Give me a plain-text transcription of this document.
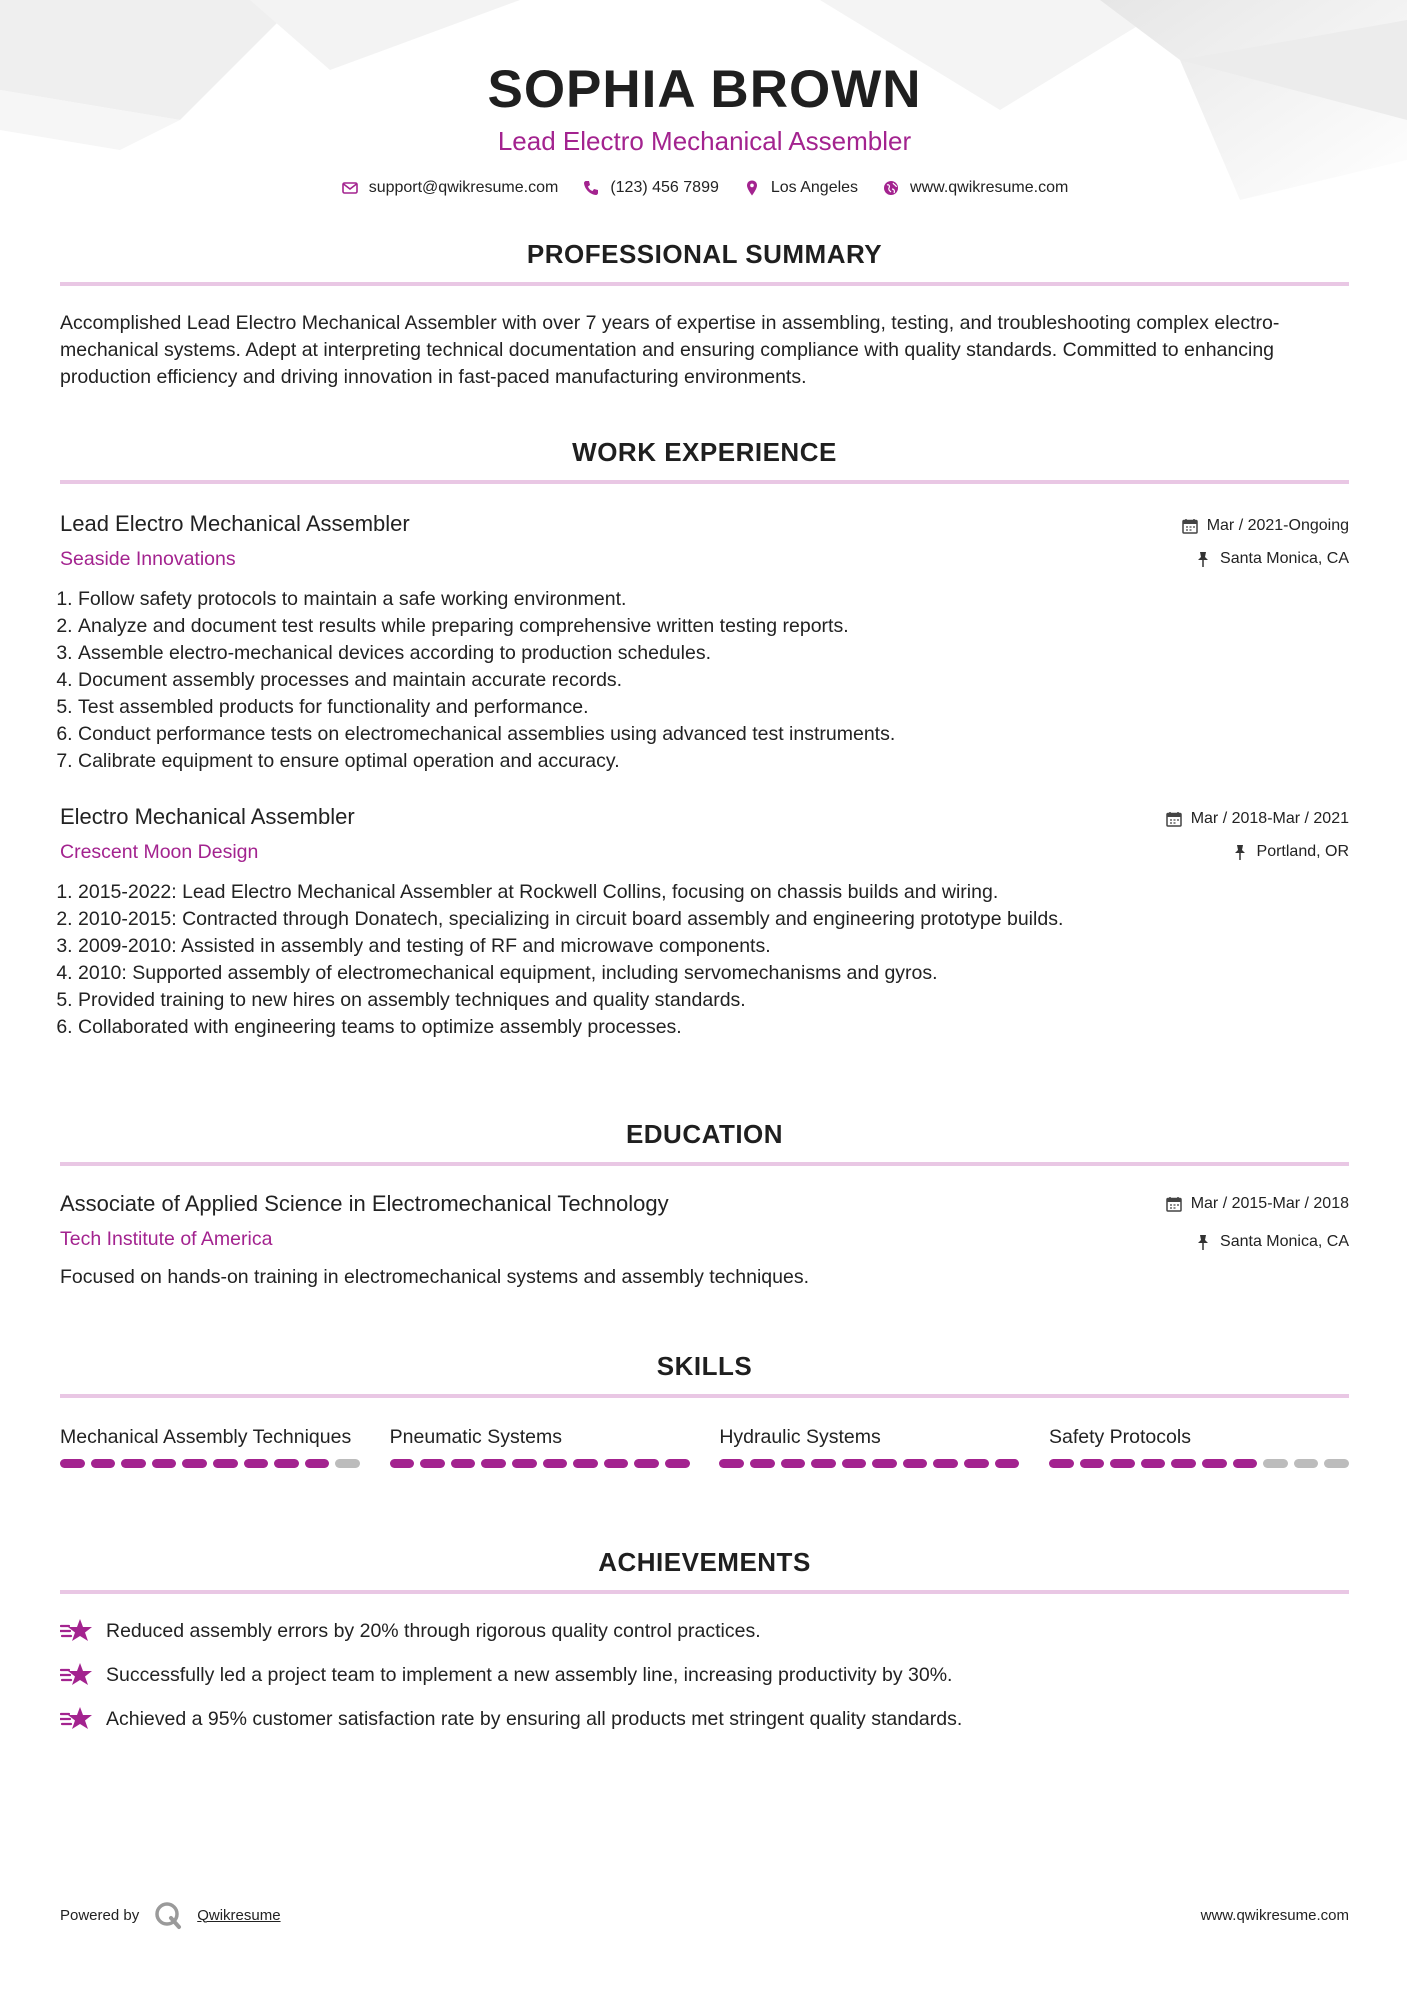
SOPHIA BROWN
Lead Electro Mechanical Assembler
support@qwikresume.com	(123) 456 7899	Los Angeles	www.qwikresume.com
PROFESSIONAL SUMMARY
Accomplished Lead Electro Mechanical Assembler with over 7 years of expertise in assembling, testing, and troubleshooting complex electro-mechanical systems. Adept at interpreting technical documentation and ensuring compliance with quality standards. Committed to enhancing production efficiency and driving innovation in fast-paced manufacturing environments.
WORK EXPERIENCE
Lead Electro Mechanical Assembler
Seaside Innovations
Mar / 2021-Ongoing
Santa Monica, CA
1. Follow safety protocols to maintain a safe working environment.
2. Analyze and document test results while preparing comprehensive written testing reports.
3. Assemble electro-mechanical devices according to production schedules.
4. Document assembly processes and maintain accurate records.
5. Test assembled products for functionality and performance.
6. Conduct performance tests on electromechanical assemblies using advanced test instruments.
7. Calibrate equipment to ensure optimal operation and accuracy.
Electro Mechanical Assembler
Crescent Moon Design
Mar / 2018-Mar / 2021
Portland, OR
1. 2015-2022: Lead Electro Mechanical Assembler at Rockwell Collins, focusing on chassis builds and wiring.
2. 2010-2015: Contracted through Donatech, specializing in circuit board assembly and engineering prototype builds.
3. 2009-2010: Assisted in assembly and testing of RF and microwave components.
4. 2010: Supported assembly of electromechanical equipment, including servomechanisms and gyros.
5. Provided training to new hires on assembly techniques and quality standards.
6. Collaborated with engineering teams to optimize assembly processes.
EDUCATION
Associate of Applied Science in Electromechanical Technology
Tech Institute of America
Mar / 2015-Mar / 2018
Santa Monica, CA
Focused on hands-on training in electromechanical systems and assembly techniques.
SKILLS
Mechanical Assembly Techniques	Pneumatic Systems	Hydraulic Systems	Safety Protocols
ACHIEVEMENTS
Reduced assembly errors by 20% through rigorous quality control practices.
Successfully led a project team to implement a new assembly line, increasing productivity by 30%.
Achieved a 95% customer satisfaction rate by ensuring all products met stringent quality standards.
Powered by	Qwikresume	www.qwikresume.com
